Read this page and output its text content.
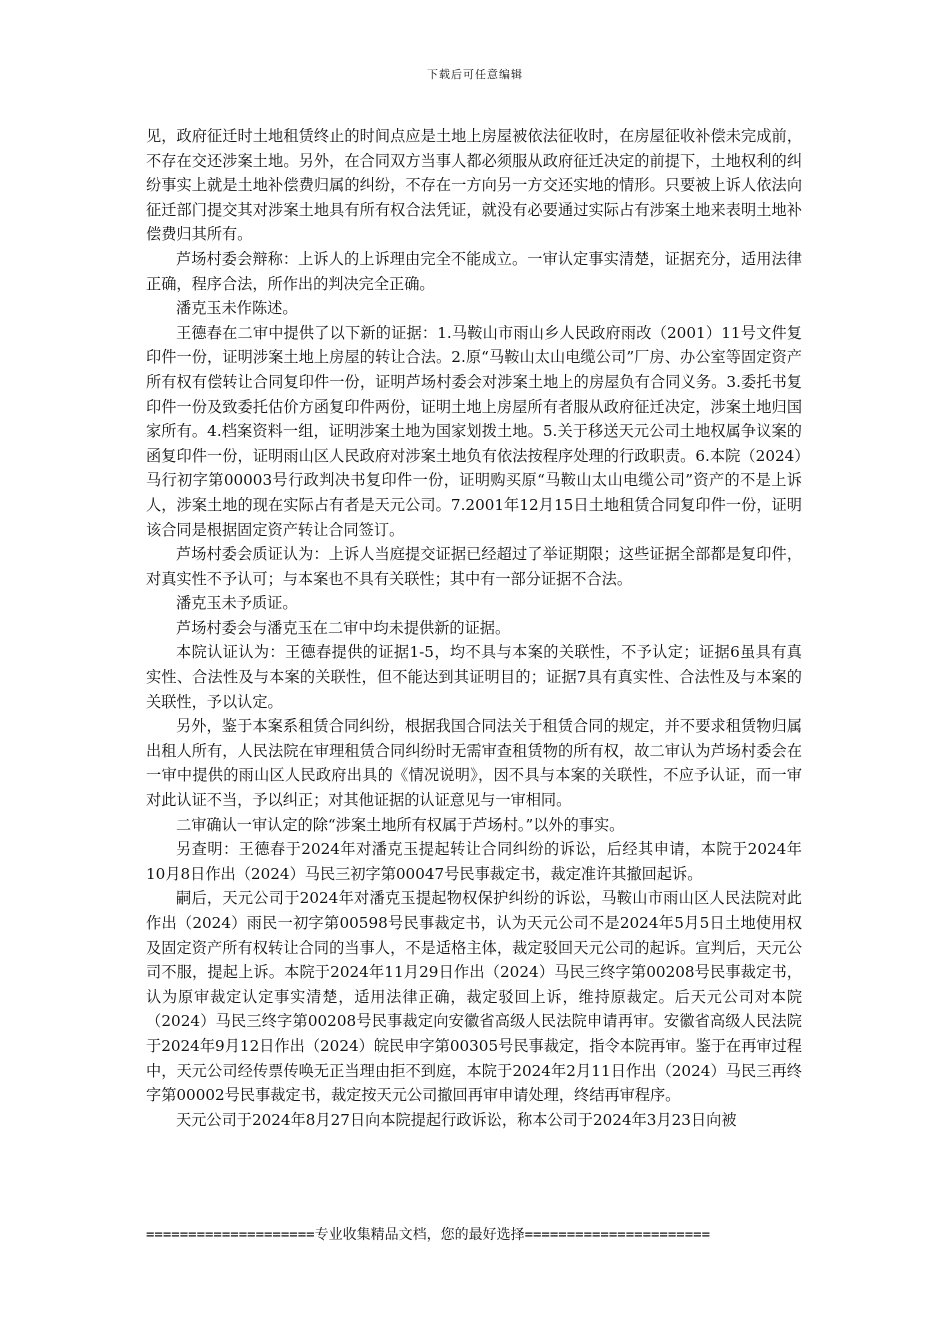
下载后可任意编辑

见，政府征迁时土地租赁终止的时间点应是土地上房屋被依法征收时，在房屋征收补偿未完成前，不存在交还涉案土地。另外，在合同双方当事人都必须服从政府征迁决定的前提下，土地权利的纠纷事实上就是土地补偿费归属的纠纷，不存在一方向另一方交还实地的情形。只要被上诉人依法向征迁部门提交其对涉案土地具有所有权合法凭证，就没有必要通过实际占有涉案土地来表明土地补偿费归其所有。

芦场村委会辩称：上诉人的上诉理由完全不能成立。一审认定事实清楚，证据充分，适用法律正确，程序合法，所作出的判决完全正确。

潘克玉未作陈述。

王德春在二审中提供了以下新的证据：1.马鞍山市雨山乡人民政府雨改（2001）11号文件复印件一份，证明涉案土地上房屋的转让合法。2.原“马鞍山太山电缆公司”厂房、办公室等固定资产所有权有偿转让合同复印件一份，证明芦场村委会对涉案土地上的房屋负有合同义务。3.委托书复印件一份及致委托估价方函复印件两份，证明土地上房屋所有者服从政府征迁决定，涉案土地归国家所有。4.档案资料一组，证明涉案土地为国家划拨土地。5.关于移送天元公司土地权属争议案的函复印件一份，证明雨山区人民政府对涉案土地负有依法按程序处理的行政职责。6.本院（2024）马行初字第00003号行政判决书复印件一份，证明购买原“马鞍山太山电缆公司”资产的不是上诉人，涉案土地的现在实际占有者是天元公司。7.2001年12月15日土地租赁合同复印件一份，证明该合同是根据固定资产转让合同签订。

芦场村委会质证认为：上诉人当庭提交证据已经超过了举证期限；这些证据全部都是复印件，对真实性不予认可；与本案也不具有关联性；其中有一部分证据不合法。

潘克玉未予质证。

芦场村委会与潘克玉在二审中均未提供新的证据。

本院认证认为：王德春提供的证据1-5，均不具与本案的关联性，不予认定；证据6虽具有真实性、合法性及与本案的关联性，但不能达到其证明目的；证据7具有真实性、合法性及与本案的关联性，予以认定。

另外，鉴于本案系租赁合同纠纷，根据我国合同法关于租赁合同的规定，并不要求租赁物归属出租人所有，人民法院在审理租赁合同纠纷时无需审查租赁物的所有权，故二审认为芦场村委会在一审中提供的雨山区人民政府出具的《情况说明》，因不具与本案的关联性，不应予认证，而一审对此认证不当，予以纠正；对其他证据的认证意见与一审相同。

二审确认一审认定的除“涉案土地所有权属于芦场村。”以外的事实。

另查明：王德春于2024年对潘克玉提起转让合同纠纷的诉讼，后经其申请，本院于2024年10月8日作出（2024）马民三初字第00047号民事裁定书，裁定准许其撤回起诉。

嗣后，天元公司于2024年对潘克玉提起物权保护纠纷的诉讼，马鞍山市雨山区人民法院对此作出（2024）雨民一初字第00598号民事裁定书，认为天元公司不是2024年5月5日土地使用权及固定资产所有权转让合同的当事人，不是适格主体，裁定驳回天元公司的起诉。宣判后，天元公司不服，提起上诉。本院于2024年11月29日作出（2024）马民三终字第00208号民事裁定书，认为原审裁定认定事实清楚，适用法律正确，裁定驳回上诉，维持原裁定。后天元公司对本院（2024）马民三终字第00208号民事裁定向安徽省高级人民法院申请再审。安徽省高级人民法院于2024年9月12日作出（2024）皖民申字第00305号民事裁定，指令本院再审。鉴于在再审过程中，天元公司经传票传唤无正当理由拒不到庭，本院于2024年2月11日作出（2024）马民三再终字第00002号民事裁定书，裁定按天元公司撤回再审申请处理，终结再审程序。

天元公司于2024年8月27日向本院提起行政诉讼，称本公司于2024年3月23日向被

====================专业收集精品文档，您的最好选择======================
